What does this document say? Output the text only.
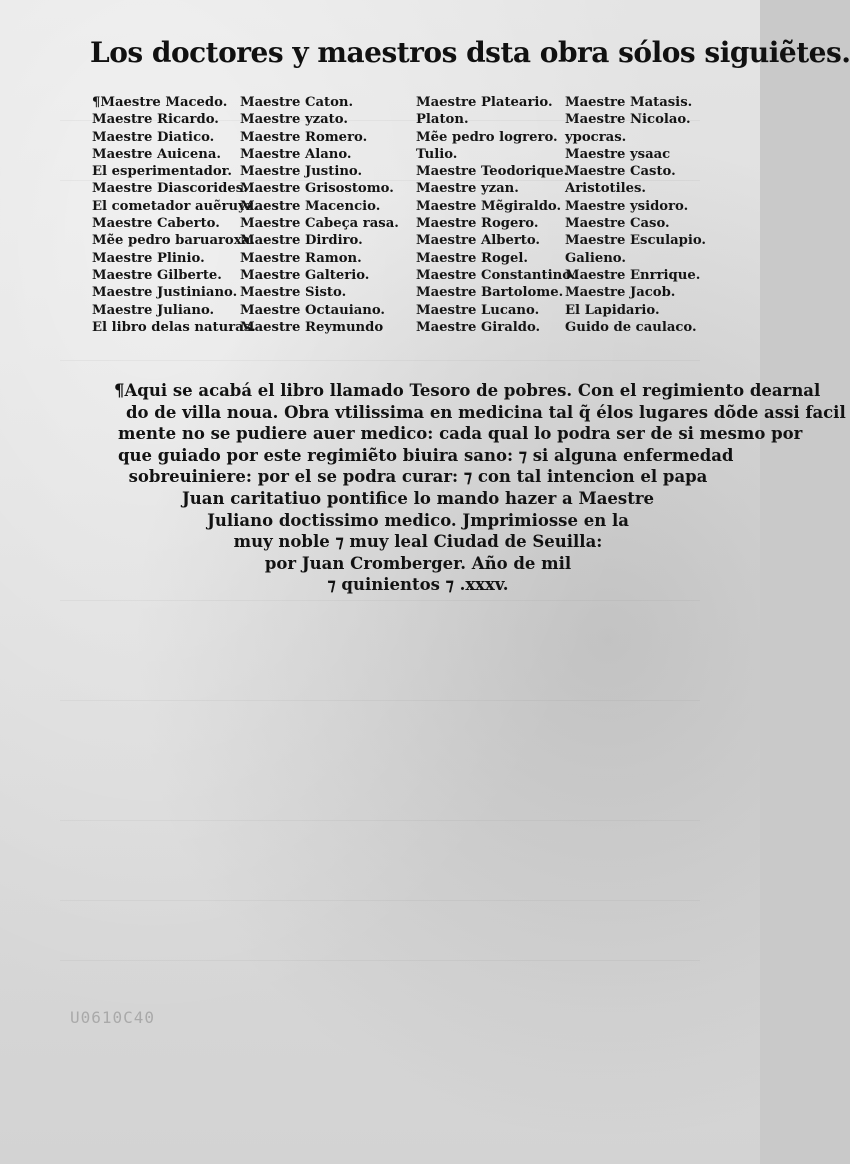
Los doctores y maestros dsta obra sólos siguiẽtes.
¶Maestre Macedo.
Maestre Ricardo.
Maestre Diatico.
Maestre Auicena.
El esperimentador.
Maestre Diascorides.
El cometador auẽruyz.
Maestre Caberto.
Mẽe pedro baruaroxa.
Maestre Plinio.
Maestre Gilberte.
Maestre Justiniano.
Maestre Juliano.
El libro delas naturas.
Maestre Caton.
Maestre yzato.
Maestre Romero.
Maestre Alano.
Maestre Justino.
Maestre Grisostomo.
Maestre Macencio.
Maestre Cabeça rasa.
Maestre Dirdiro.
Maestre Ramon.
Maestre Galterio.
Maestre Sisto.
Maestre Octauiano.
Maestre Reymundo
Maestre Plateario.
Platon.
Mẽe pedro logrero.
Tulio.
Maestre Teodorique.
Maestre yzan.
Maestre Mẽgiraldo.
Maestre Rogero.
Maestre Alberto.
Maestre Rogel.
Maestre Constantino.
Maestre Bartolome.
Maestre Lucano.
Maestre Giraldo.
Maestre Matasis.
Maestre Nicolao.
ypocras.
Maestre ysaac
Maestre Casto.
Aristotiles.
Maestre ysidoro.
Maestre Caso.
Maestre Esculapio.
Galieno.
Maestre Enrrique.
Maestre Jacob.
El Lapidario.
Guido de caulaco.
¶Aqui se acabá el libro llamado Tesoro de pobres. Con el regimiento dearnal
do de villa noua. Obra vtilissima en medicina tal q̃ élos lugares dõde assi facil
mente no se pudiere auer medico: cada qual lo podra ser de si mesmo por
que guiado por este regimiẽto biuira sano: ⁊ si alguna enfermedad
sobreuiniere: por el se podra curar: ⁊ con tal intencion el papa
Juan caritatiuo pontifice lo mando hazer a Maestre
Juliano doctissimo medico. Jmprimiosse en la
muy noble ⁊ muy leal Ciudad de Seuilla:
por Juan Cromberger. Año de mil
⁊ quinientos ⁊ .xxxv.
U0610C40
